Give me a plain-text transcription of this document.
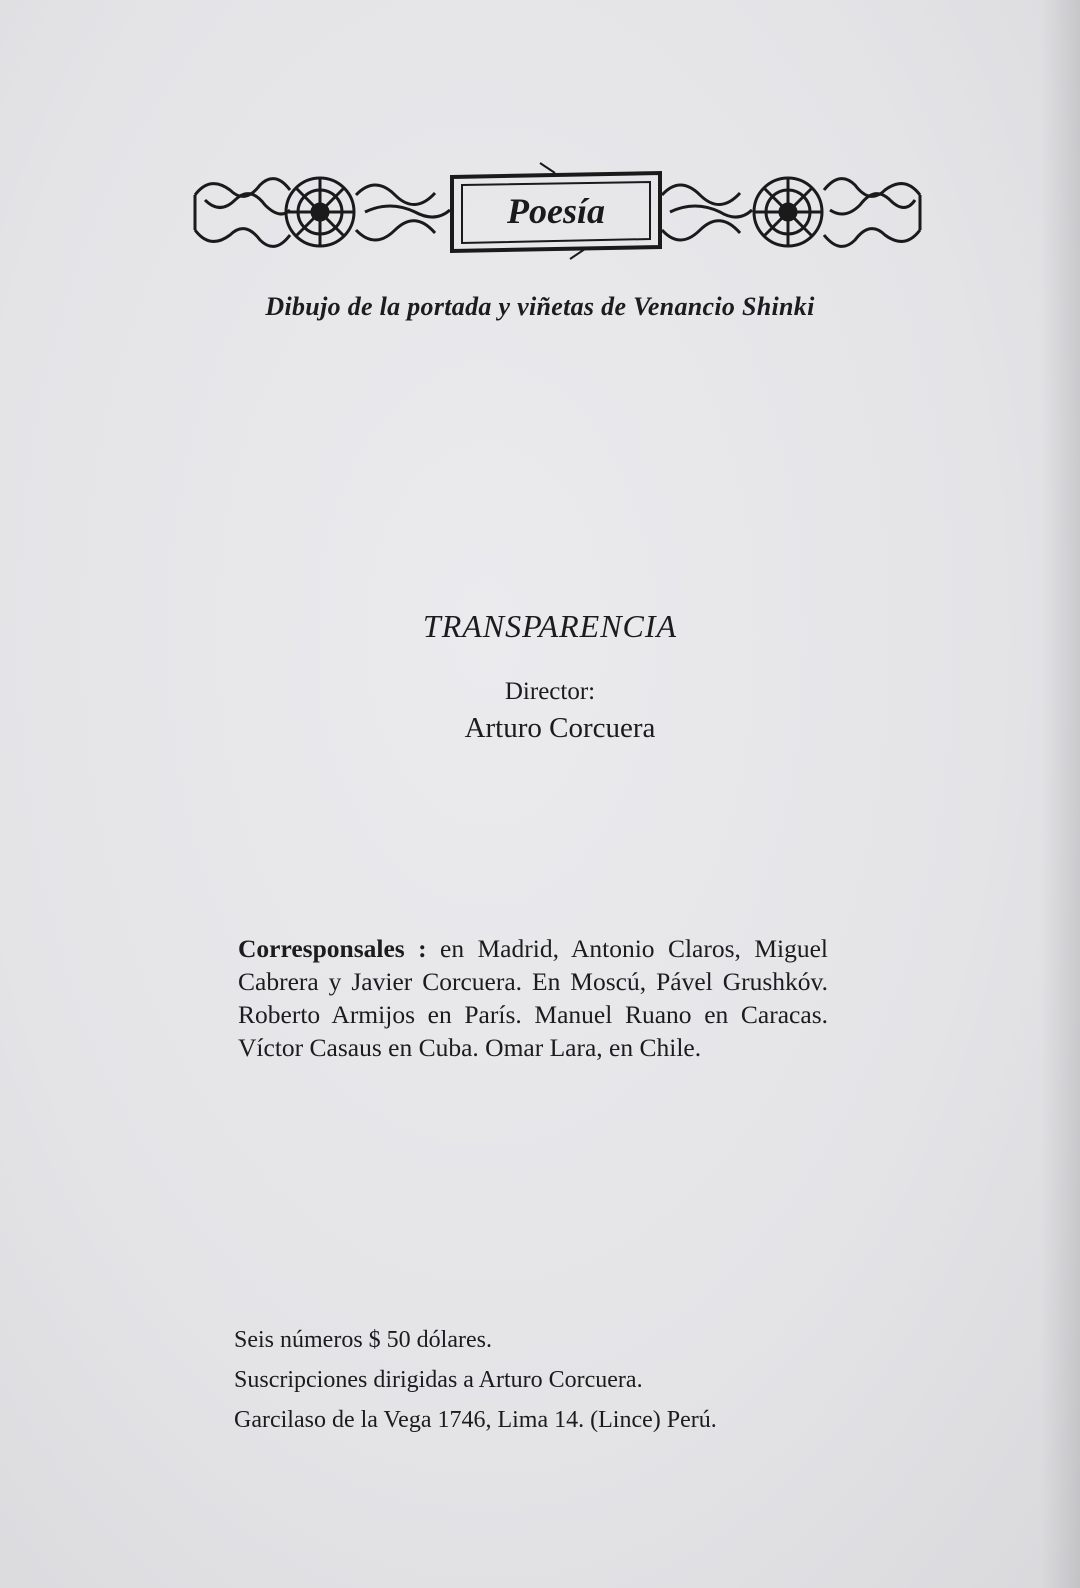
Poesía
Dibujo de la portada y viñetas de Venancio Shinki
TRANSPARENCIA
Director:
Arturo Corcuera
Corresponsales : en Madrid, Antonio Claros, Miguel Cabrera y Javier Corcuera. En Moscú, Pável Grushkóv. Roberto Armijos en París. Manuel Ruano en Caracas. Víctor Casaus en Cuba. Omar Lara, en Chile.
Seis números $ 50 dólares.
Suscripciones dirigidas a Arturo Corcuera.
Garcilaso de la Vega 1746, Lima 14. (Lince) Perú.
